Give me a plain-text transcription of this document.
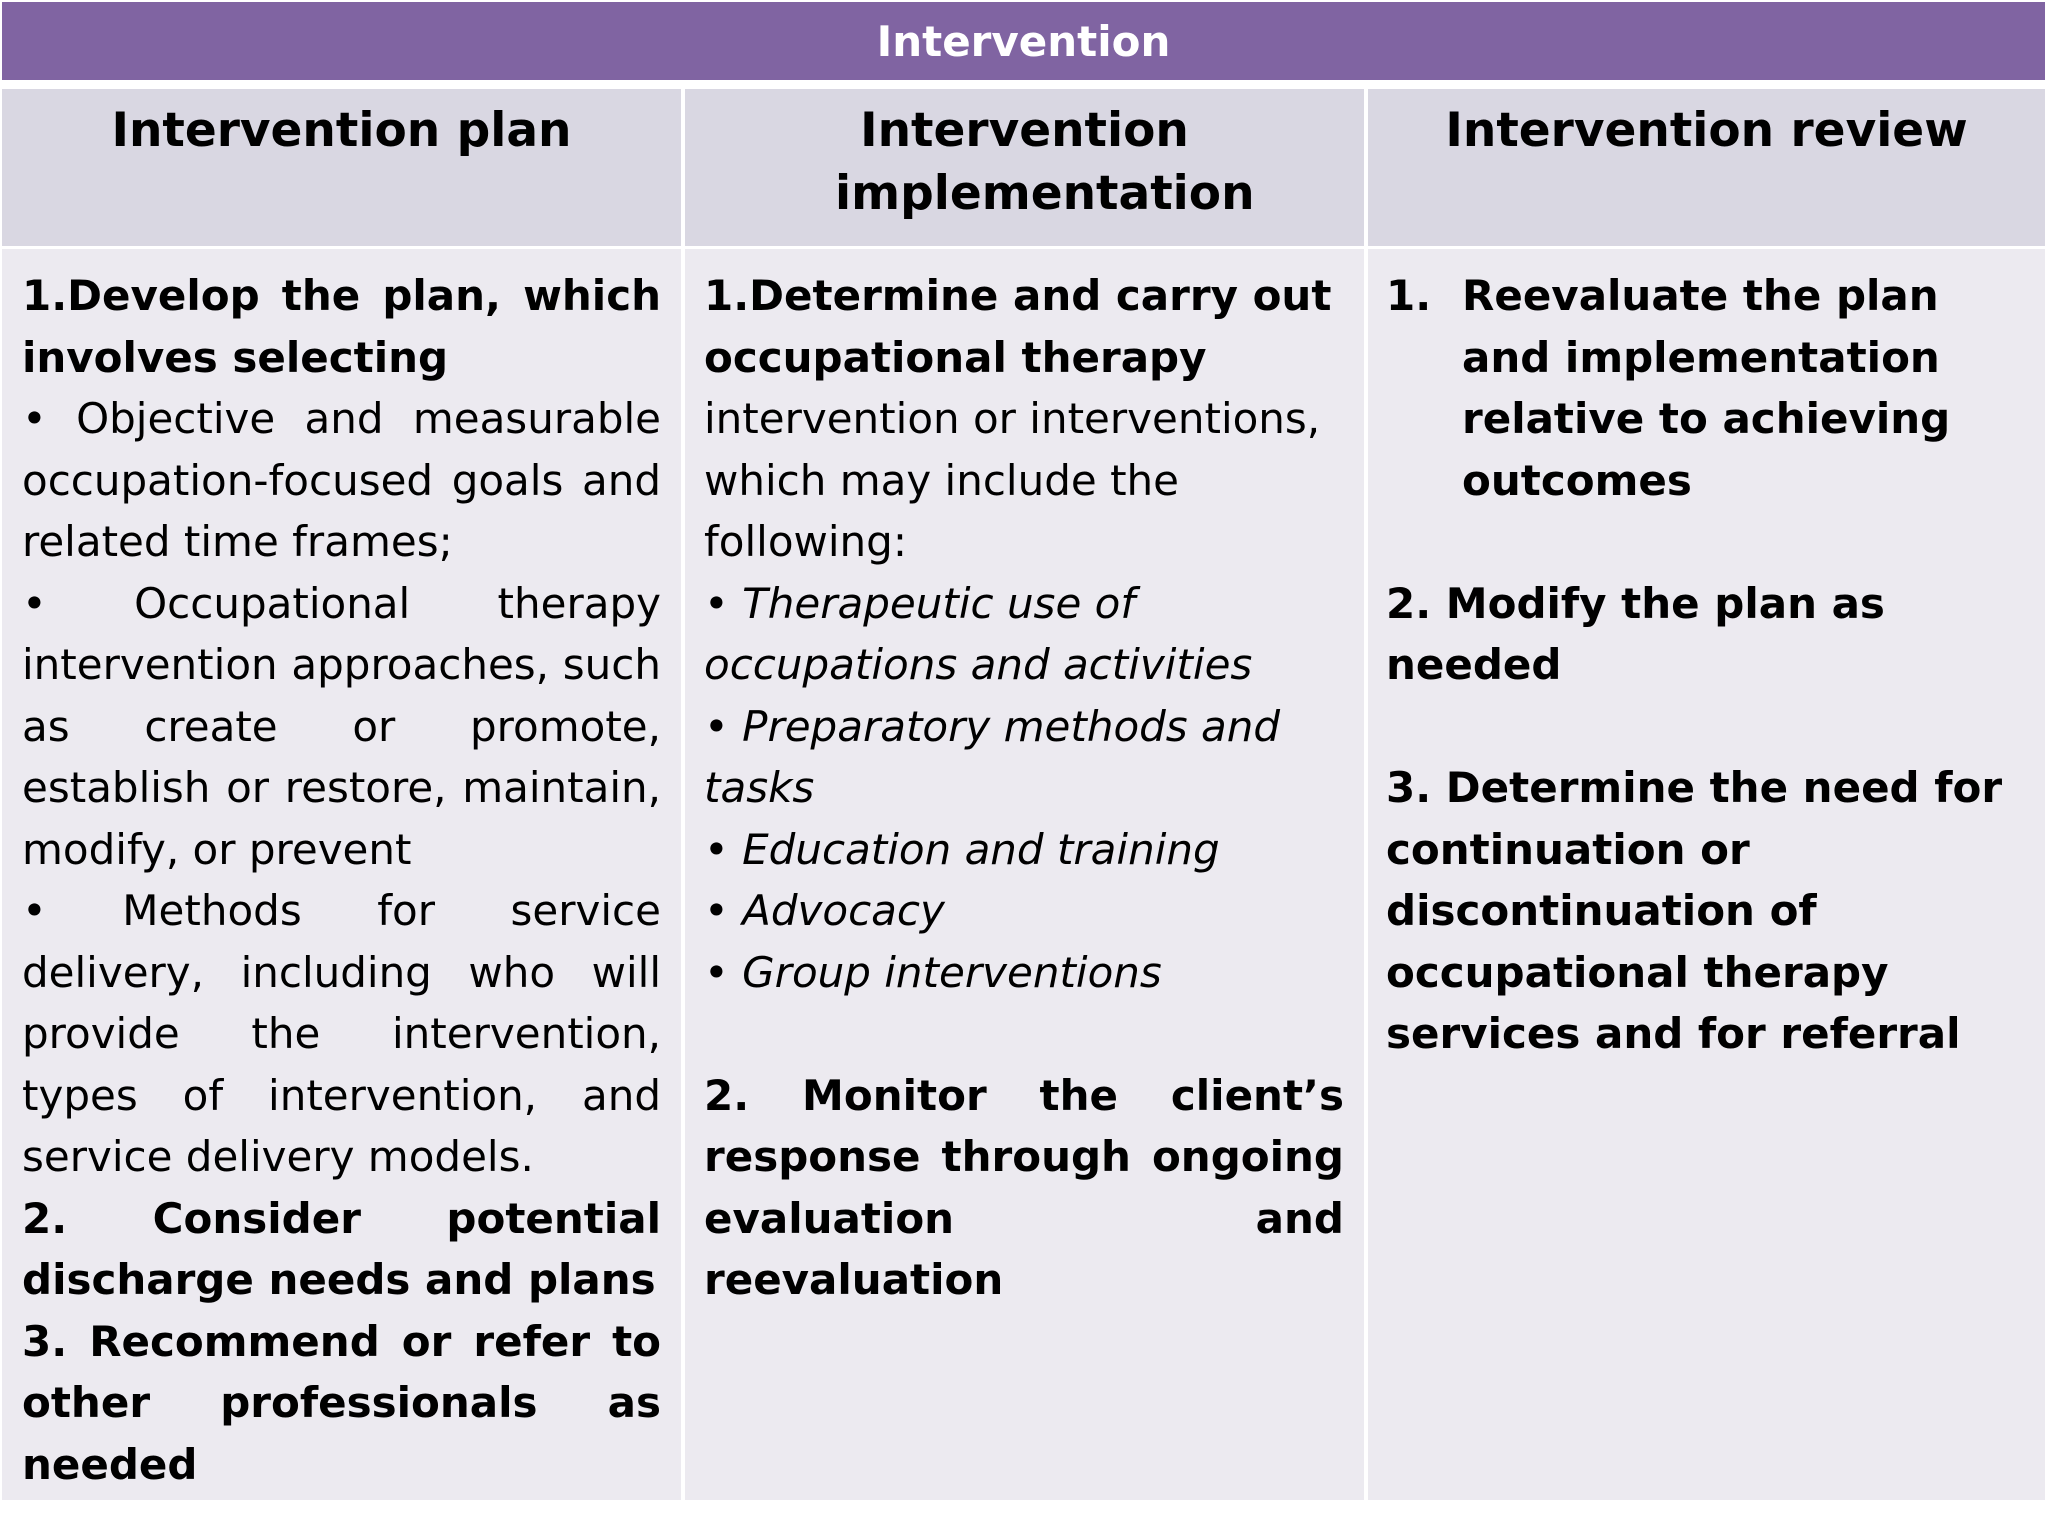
Intervention
Intervention plan	Intervention implementation
Intervention review

1.Develop the plan, which involves selecting

• Objective and measurable occupation-focused goals and related time frames;

• Occupational therapy intervention approaches, such as create or promote, establish or restore, maintain, modify, or prevent

• Methods for service delivery, including who will provide the intervention, types of intervention, and service delivery models.

2. Consider potential discharge needs and plans

3. Recommend or refer to other professionals as needed

1.Determine and carry out occupational therapy intervention or interventions, which may include the following:

• Therapeutic use of occupations and activities

• Preparatory methods and tasks

• Education and training

• Advocacy

• Group interventions

2. Monitor the client’s response through ongoing evaluation and reevaluation

1. Reevaluate the plan and implementation relative to achieving outcomes

2. Modify the plan as needed

3. Determine the need for continuation or discontinuation of occupational therapy services and for referral
